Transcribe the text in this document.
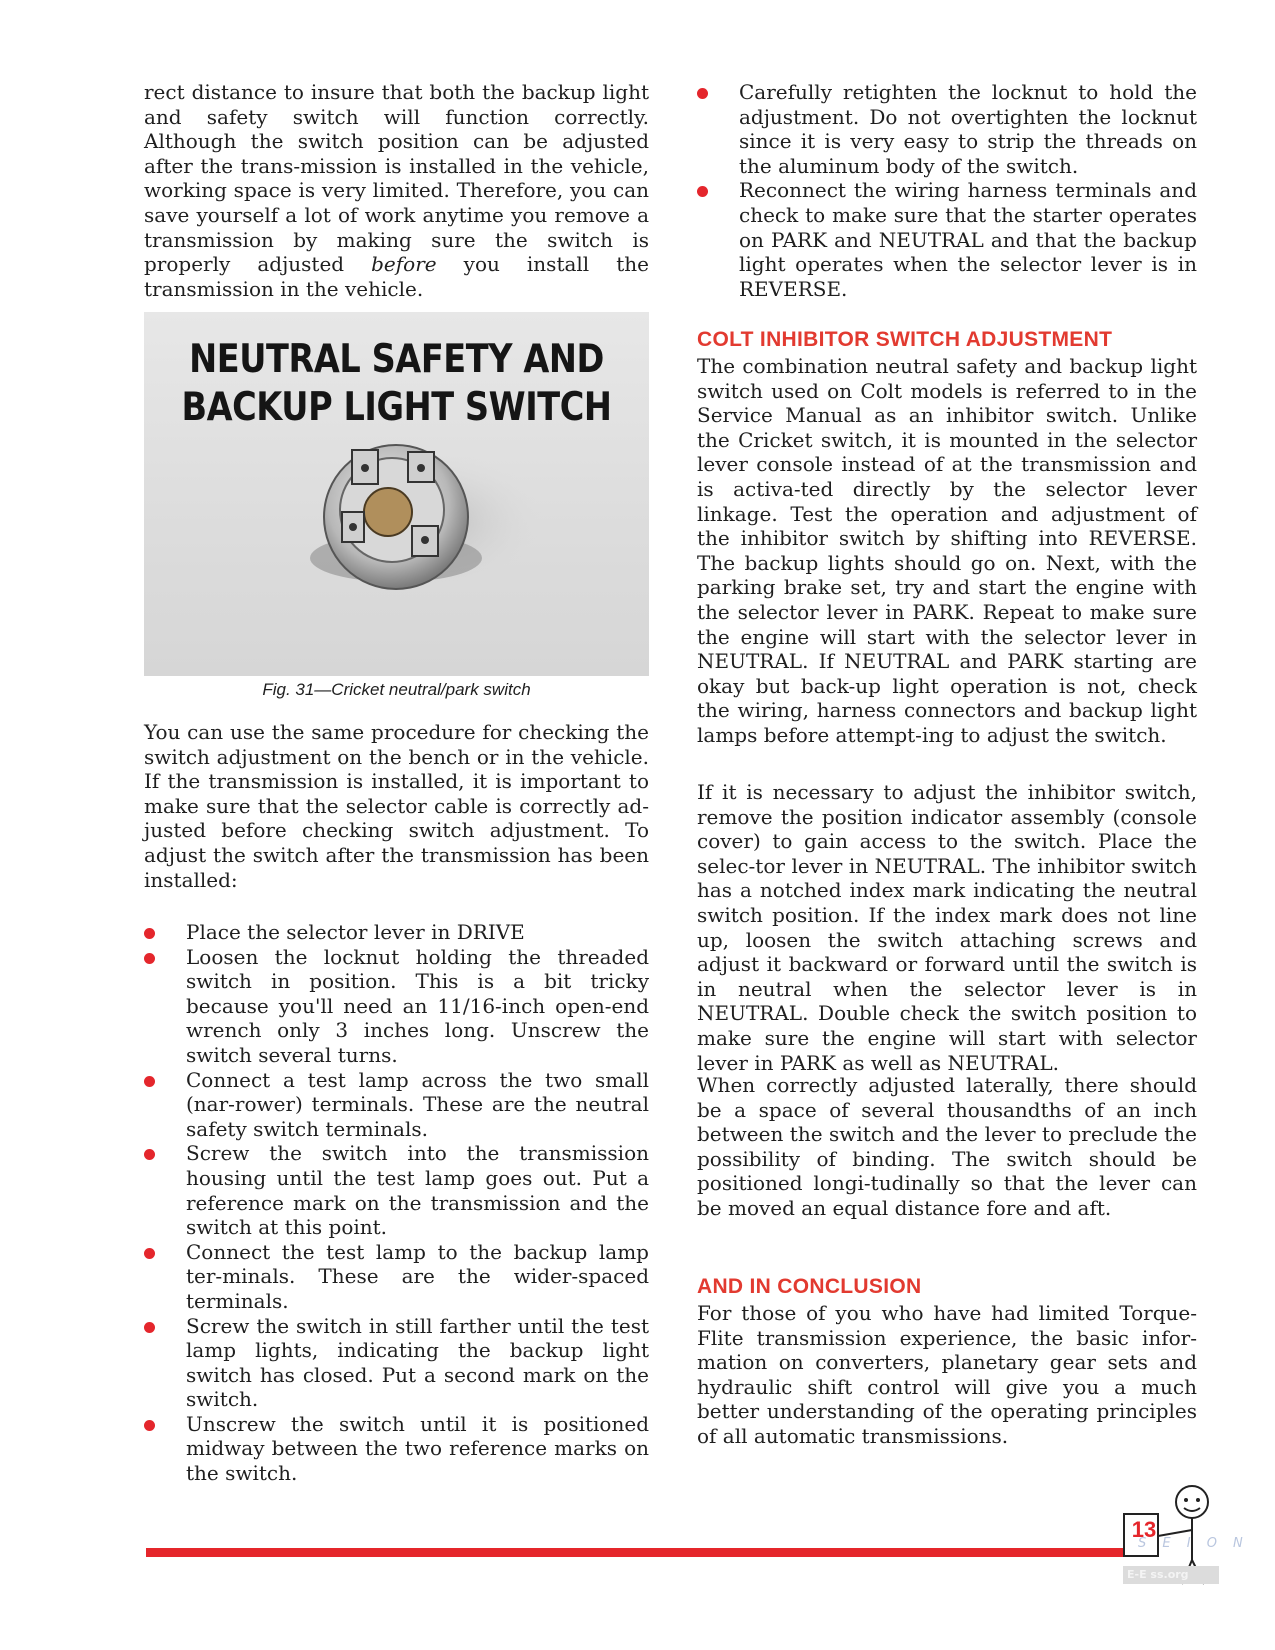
rect distance to insure that both the backup light and safety switch will function correctly. Although the switch position can be adjusted after the trans-mission is installed in the vehicle, working space is very limited. Therefore, you can save yourself a lot of work anytime you remove a transmission by making sure the switch is properly adjusted before you install the transmission in the vehicle.

NEUTRAL SAFETY AND
BACKUP LIGHT SWITCH
Fig. 31—Cricket neutral/park switch

You can use the same procedure for checking the switch adjustment on the bench or in the vehicle. If the transmission is installed, it is important to make sure that the selector cable is correctly ad-justed before checking switch adjustment. To adjust the switch after the transmission has been installed:

Place the selector lever in DRIVE
Loosen the locknut holding the threaded switch in position. This is a bit tricky because you'll need an 11/16-inch open-end wrench only 3 inches long. Unscrew the switch several turns.
Connect a test lamp across the two small (nar-rower) terminals. These are the neutral safety switch terminals.
Screw the switch into the transmission housing until the test lamp goes out. Put a reference mark on the transmission and the switch at this point.
Connect the test lamp to the backup lamp ter-minals. These are the wider-spaced terminals.
Screw the switch in still farther until the test lamp lights, indicating the backup light switch has closed. Put a second mark on the switch.
Unscrew the switch until it is positioned midway between the two reference marks on the switch.
Carefully retighten the locknut to hold the adjustment. Do not overtighten the locknut since it is very easy to strip the threads on the aluminum body of the switch.
Reconnect the wiring harness terminals and check to make sure that the starter operates on PARK and NEUTRAL and that the backup light operates when the selector lever is in REVERSE.
COLT INHIBITOR SWITCH ADJUSTMENT

The combination neutral safety and backup light switch used on Colt models is referred to in the Service Manual as an inhibitor switch. Unlike the Cricket switch, it is mounted in the selector lever console instead of at the transmission and is activa-ted directly by the selector lever linkage. Test the operation and adjustment of the inhibitor switch by shifting into REVERSE. The backup lights should go on. Next, with the parking brake set, try and start the engine with the selector lever in PARK. Repeat to make sure the engine will start with the selector lever in NEUTRAL. If NEUTRAL and PARK starting are okay but back-up light operation is not, check the wiring, harness connectors and backup light lamps before attempt-ing to adjust the switch.

If it is necessary to adjust the inhibitor switch, remove the position indicator assembly (console cover) to gain access to the switch. Place the selec-tor lever in NEUTRAL. The inhibitor switch has a notched index mark indicating the neutral switch position. If the index mark does not line up, loosen the switch attaching screws and adjust it backward or forward until the switch is in neutral when the selector lever is in NEUTRAL. Double check the switch position to make sure the engine will start with selector lever in PARK as well as NEUTRAL.

When correctly adjusted laterally, there should be a space of several thousandths of an inch between the switch and the lever to preclude the possibility of binding. The switch should be positioned longi-tudinally so that the lever can be moved an equal distance fore and aft.

AND IN CONCLUSION

For those of you who have had limited Torque-Flite transmission experience, the basic infor-mation on converters, planetary gear sets and hydraulic shift control will give you a much better understanding of the operating principles of all automatic transmissions.

13
S E I O N
E-E ss.org
